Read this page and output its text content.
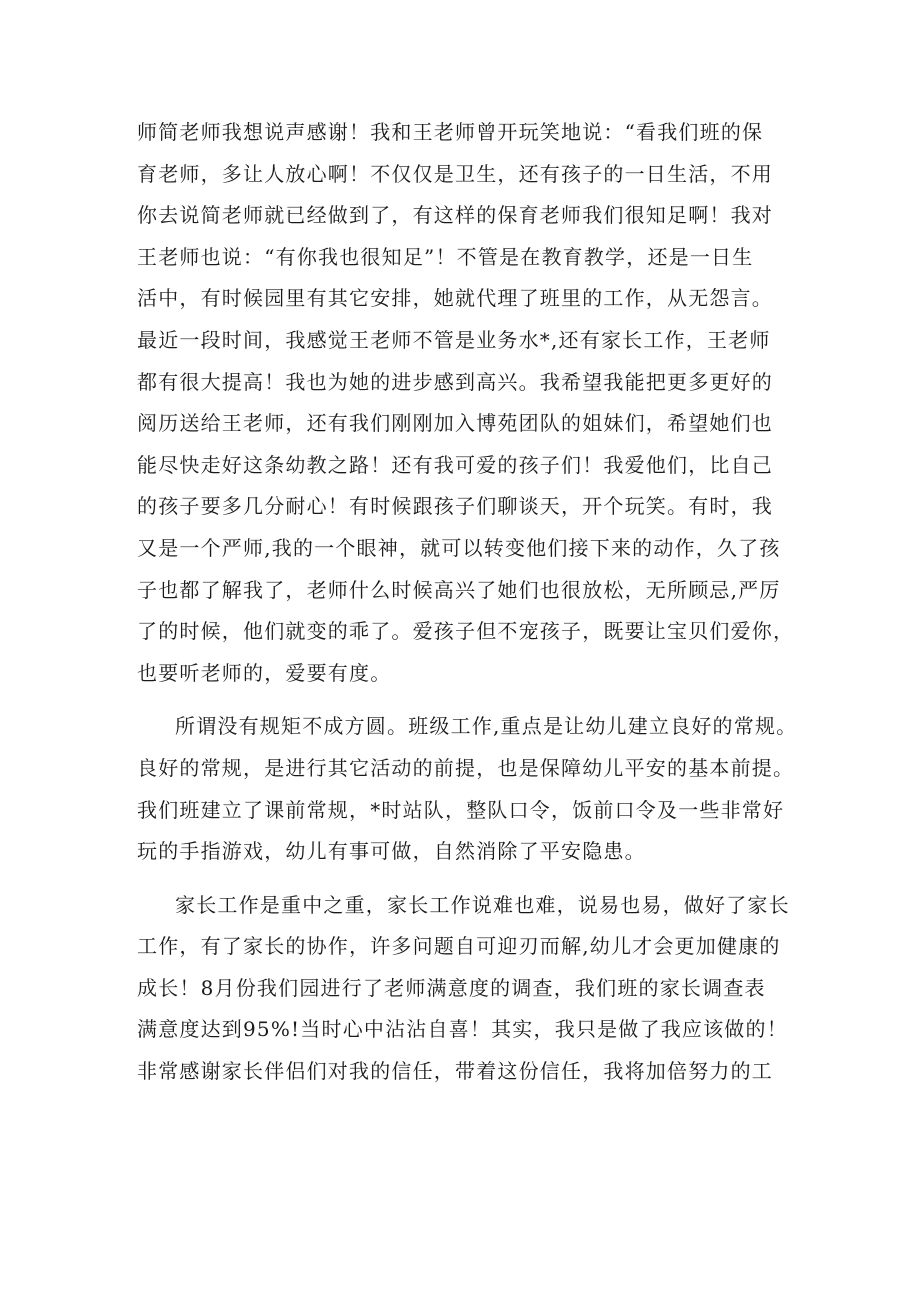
师简老师我想说声感谢！我和王老师曾开玩笑地说：“看我们班的保
育老师，多让人放心啊！不仅仅是卫生，还有孩子的一日生活，不用
你去说简老师就已经做到了，有这样的保育老师我们很知足啊！我对
王老师也说：“有你我也很知足”！不管是在教育教学，还是一日生
活中，有时候园里有其它安排，她就代理了班里的工作，从无怨言。
最近一段时间，我感觉王老师不管是业务水*,还有家长工作，王老师
都有很大提高！我也为她的进步感到高兴。我希望我能把更多更好的
阅历送给王老师，还有我们刚刚加入博苑团队的姐妹们，希望她们也
能尽快走好这条幼教之路！还有我可爱的孩子们！我爱他们，比自己
的孩子要多几分耐心！有时候跟孩子们聊谈天，开个玩笑。有时，我
又是一个严师,我的一个眼神，就可以转变他们接下来的动作，久了孩
子也都了解我了，老师什么时候高兴了她们也很放松，无所顾忌,严厉
了的时候，他们就变的乖了。爱孩子但不宠孩子，既要让宝贝们爱你，
也要听老师的，爱要有度。
所谓没有规矩不成方圆。班级工作,重点是让幼儿建立良好的常规。
良好的常规，是进行其它活动的前提，也是保障幼儿平安的基本前提。
我们班建立了课前常规，*时站队，整队口令，饭前口令及一些非常好
玩的手指游戏，幼儿有事可做，自然消除了平安隐患。
家长工作是重中之重，家长工作说难也难，说易也易，做好了家长
工作，有了家长的协作，许多问题自可迎刃而解,幼儿才会更加健康的
成长！8月份我们园进行了老师满意度的调查，我们班的家长调查表
满意度达到95%!当时心中沾沾自喜！其实，我只是做了我应该做的！
非常感谢家长伴侣们对我的信任，带着这份信任，我将加倍努力的工
